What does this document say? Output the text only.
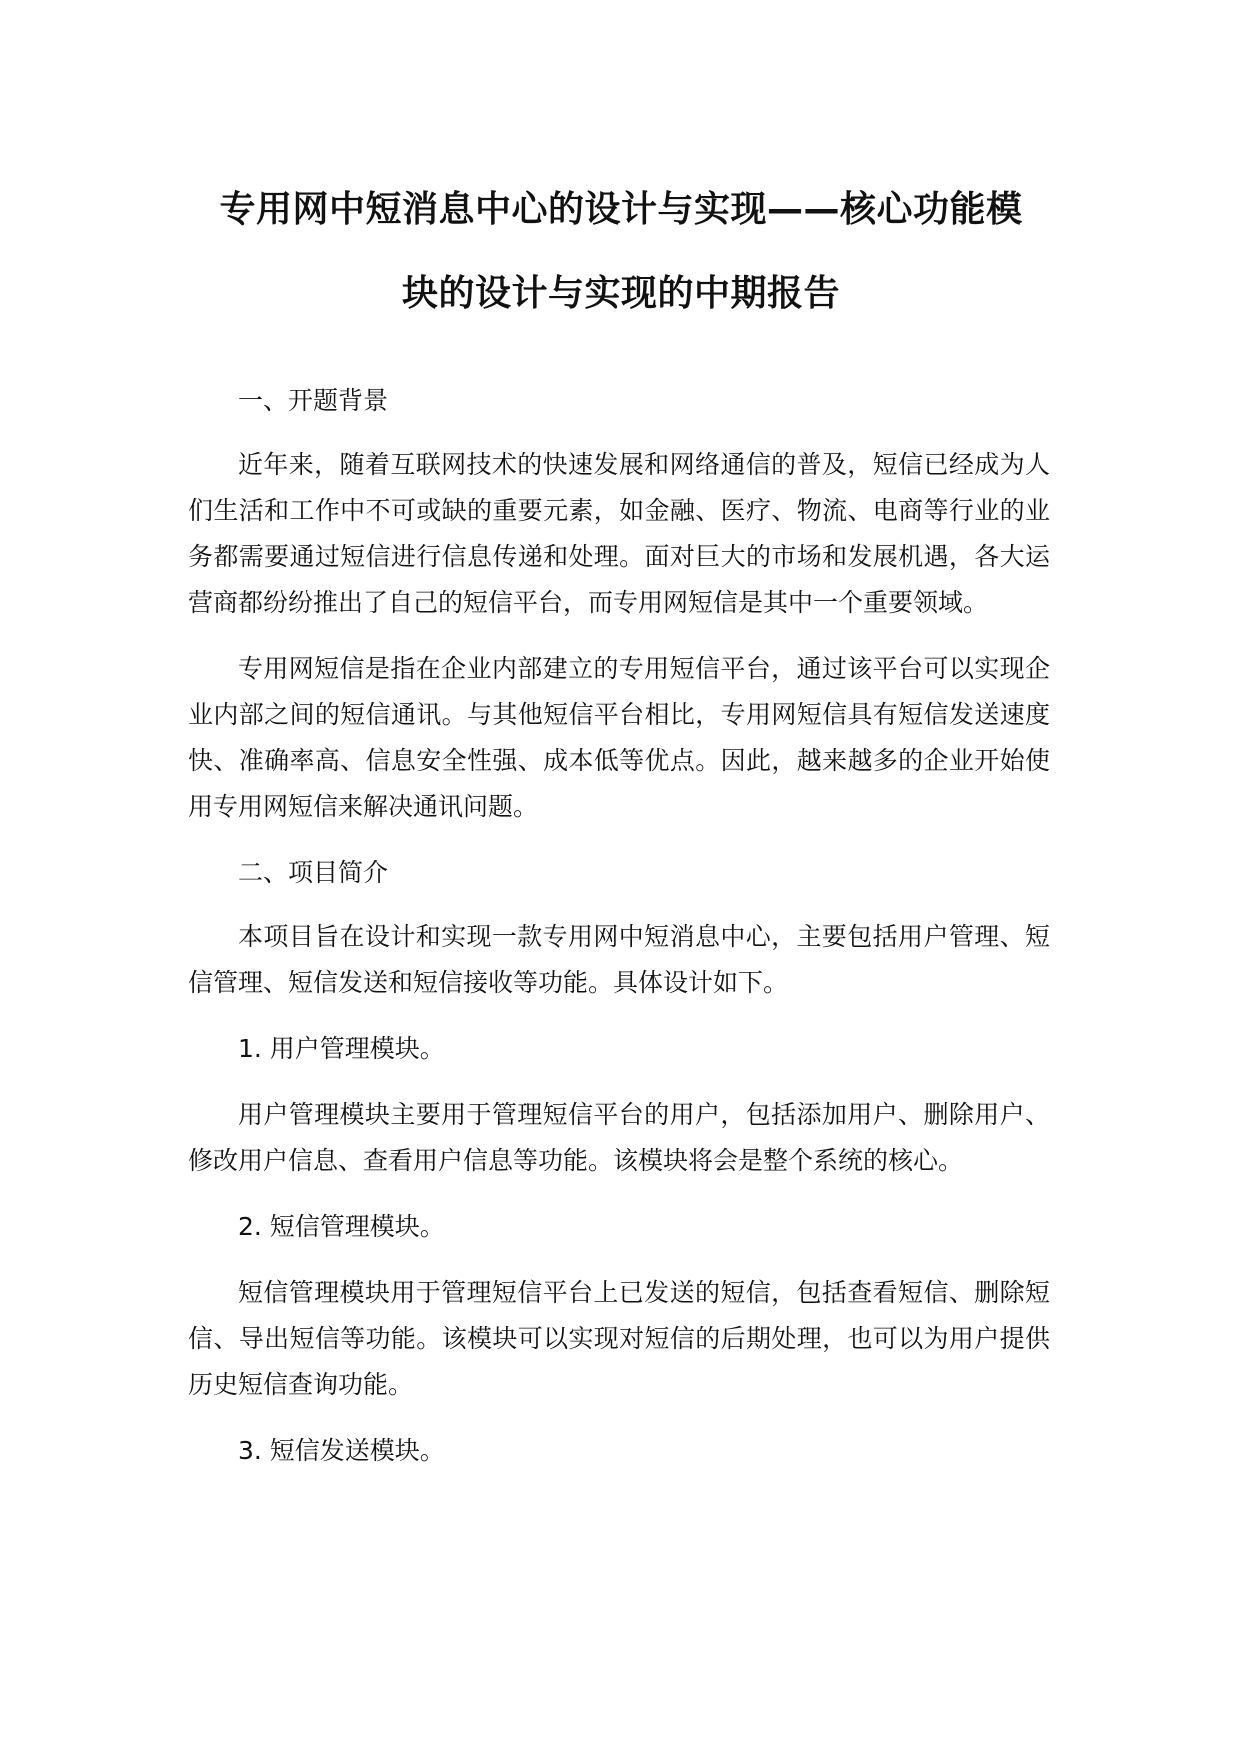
专用网中短消息中心的设计与实现——核心功能模
块的设计与实现的中期报告

一、开题背景

近年来，随着互联网技术的快速发展和网络通信的普及，短信已经成为人们生活和工作中不可或缺的重要元素，如金融、医疗、物流、电商等行业的业务都需要通过短信进行信息传递和处理。面对巨大的市场和发展机遇，各大运营商都纷纷推出了自己的短信平台，而专用网短信是其中一个重要领域。

专用网短信是指在企业内部建立的专用短信平台，通过该平台可以实现企业内部之间的短信通讯。与其他短信平台相比，专用网短信具有短信发送速度快、准确率高、信息安全性强、成本低等优点。因此，越来越多的企业开始使用专用网短信来解决通讯问题。

二、项目简介

本项目旨在设计和实现一款专用网中短消息中心，主要包括用户管理、短信管理、短信发送和短信接收等功能。具体设计如下。

1. 用户管理模块。

用户管理模块主要用于管理短信平台的用户，包括添加用户、删除用户、修改用户信息、查看用户信息等功能。该模块将会是整个系统的核心。

2. 短信管理模块。

短信管理模块用于管理短信平台上已发送的短信，包括查看短信、删除短信、导出短信等功能。该模块可以实现对短信的后期处理，也可以为用户提供历史短信查询功能。

3. 短信发送模块。
